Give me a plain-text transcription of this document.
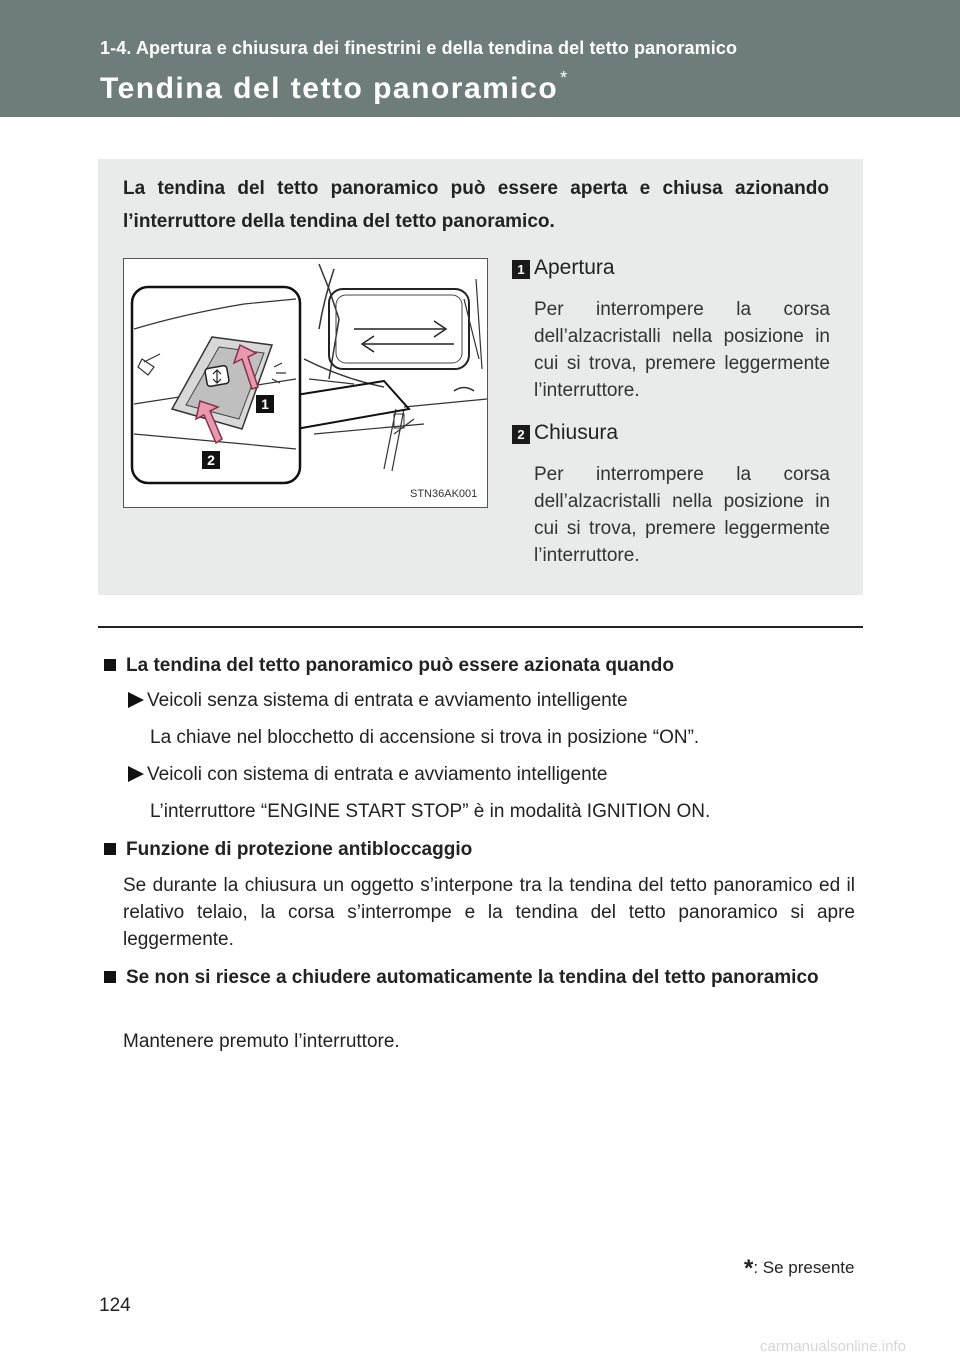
1-4. Apertura e chiusura dei finestrini e della tendina del tetto panoramico
Tendina del tetto panoramico *

La tendina del tetto panoramico può essere aperta e chiusa azionando l’interruttore della tendina del tetto panoramico.

1
2
STN36AK001
1 Apertura

Per interrompere la corsa dell’alzacristalli nella posizione in cui si trova, premere leggermente l’interruttore.

2 Chiusura

Per interrompere la corsa dell’alzacristalli nella posizione in cui si trova, premere leggermente l’interruttore.

La tendina del tetto panoramico può essere azionata quando
Veicoli senza sistema di entrata e avviamento intelligente
La chiave nel blocchetto di accensione si trova in posizione “ON”.
Veicoli con sistema di entrata e avviamento intelligente
L’interruttore “ENGINE START STOP” è in modalità IGNITION ON.
Funzione di protezione antibloccaggio

Se durante la chiusura un oggetto s’interpone tra la tendina del tetto panoramico ed il relativo telaio, la corsa s’interrompe e la tendina del tetto panoramico si apre leggermente.

Se non si riesce a chiudere automaticamente la tendina del tetto panoramico

Mantenere premuto l’interruttore.

*: Se presente
124
carmanualsonline.info
